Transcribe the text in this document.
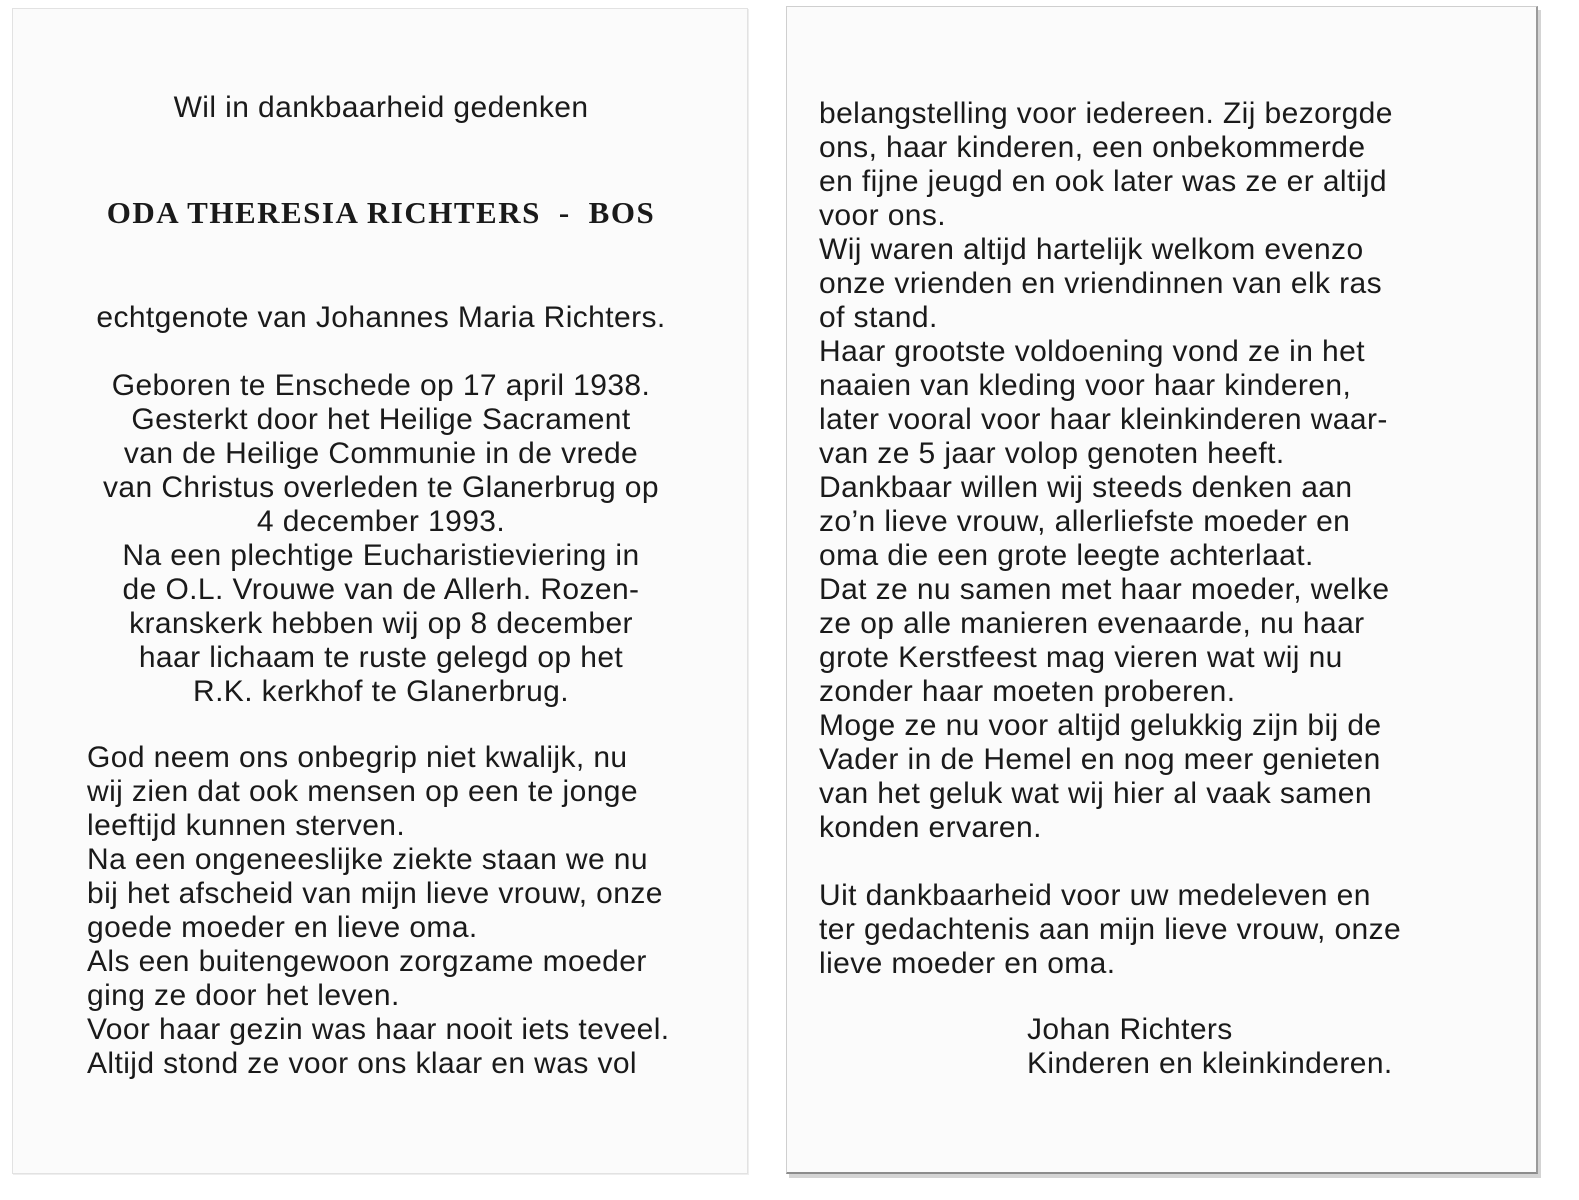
Wil in dankbaarheid gedenken
ODA THERESIA RICHTERS - BOS
echtgenote van Johannes Maria Richters.
Geboren te Enschede op 17 april 1938.
Gesterkt door het Heilige Sacrament
van de Heilige Communie in de vrede
van Christus overleden te Glanerbrug op
4 december 1993.
Na een plechtige Eucharistieviering in
de O.L. Vrouwe van de Allerh. Rozen-
kranskerk hebben wij op 8 december
haar lichaam te ruste gelegd op het
R.K. kerkhof te Glanerbrug.
God neem ons onbegrip niet kwalijk, nu
wij zien dat ook mensen op een te jonge
leeftijd kunnen sterven.
Na een ongeneeslijke ziekte staan we nu
bij het afscheid van mijn lieve vrouw, onze
goede moeder en lieve oma.
Als een buitengewoon zorgzame moeder
ging ze door het leven.
Voor haar gezin was haar nooit iets teveel.
Altijd stond ze voor ons klaar en was vol
belangstelling voor iedereen. Zij bezorgde
ons, haar kinderen, een onbekommerde
en fijne jeugd en ook later was ze er altijd
voor ons.
Wij waren altijd hartelijk welkom evenzo
onze vrienden en vriendinnen van elk ras
of stand.
Haar grootste voldoening vond ze in het
naaien van kleding voor haar kinderen,
later vooral voor haar kleinkinderen waar-
van ze 5 jaar volop genoten heeft.
Dankbaar willen wij steeds denken aan
zo’n lieve vrouw, allerliefste moeder en
oma die een grote leegte achterlaat.
Dat ze nu samen met haar moeder, welke
ze op alle manieren evenaarde, nu haar
grote Kerstfeest mag vieren wat wij nu
zonder haar moeten proberen.
Moge ze nu voor altijd gelukkig zijn bij de
Vader in de Hemel en nog meer genieten
van het geluk wat wij hier al vaak samen
konden ervaren.
Uit dankbaarheid voor uw medeleven en
ter gedachtenis aan mijn lieve vrouw, onze
lieve moeder en oma.
Johan Richters
Kinderen en kleinkinderen.
